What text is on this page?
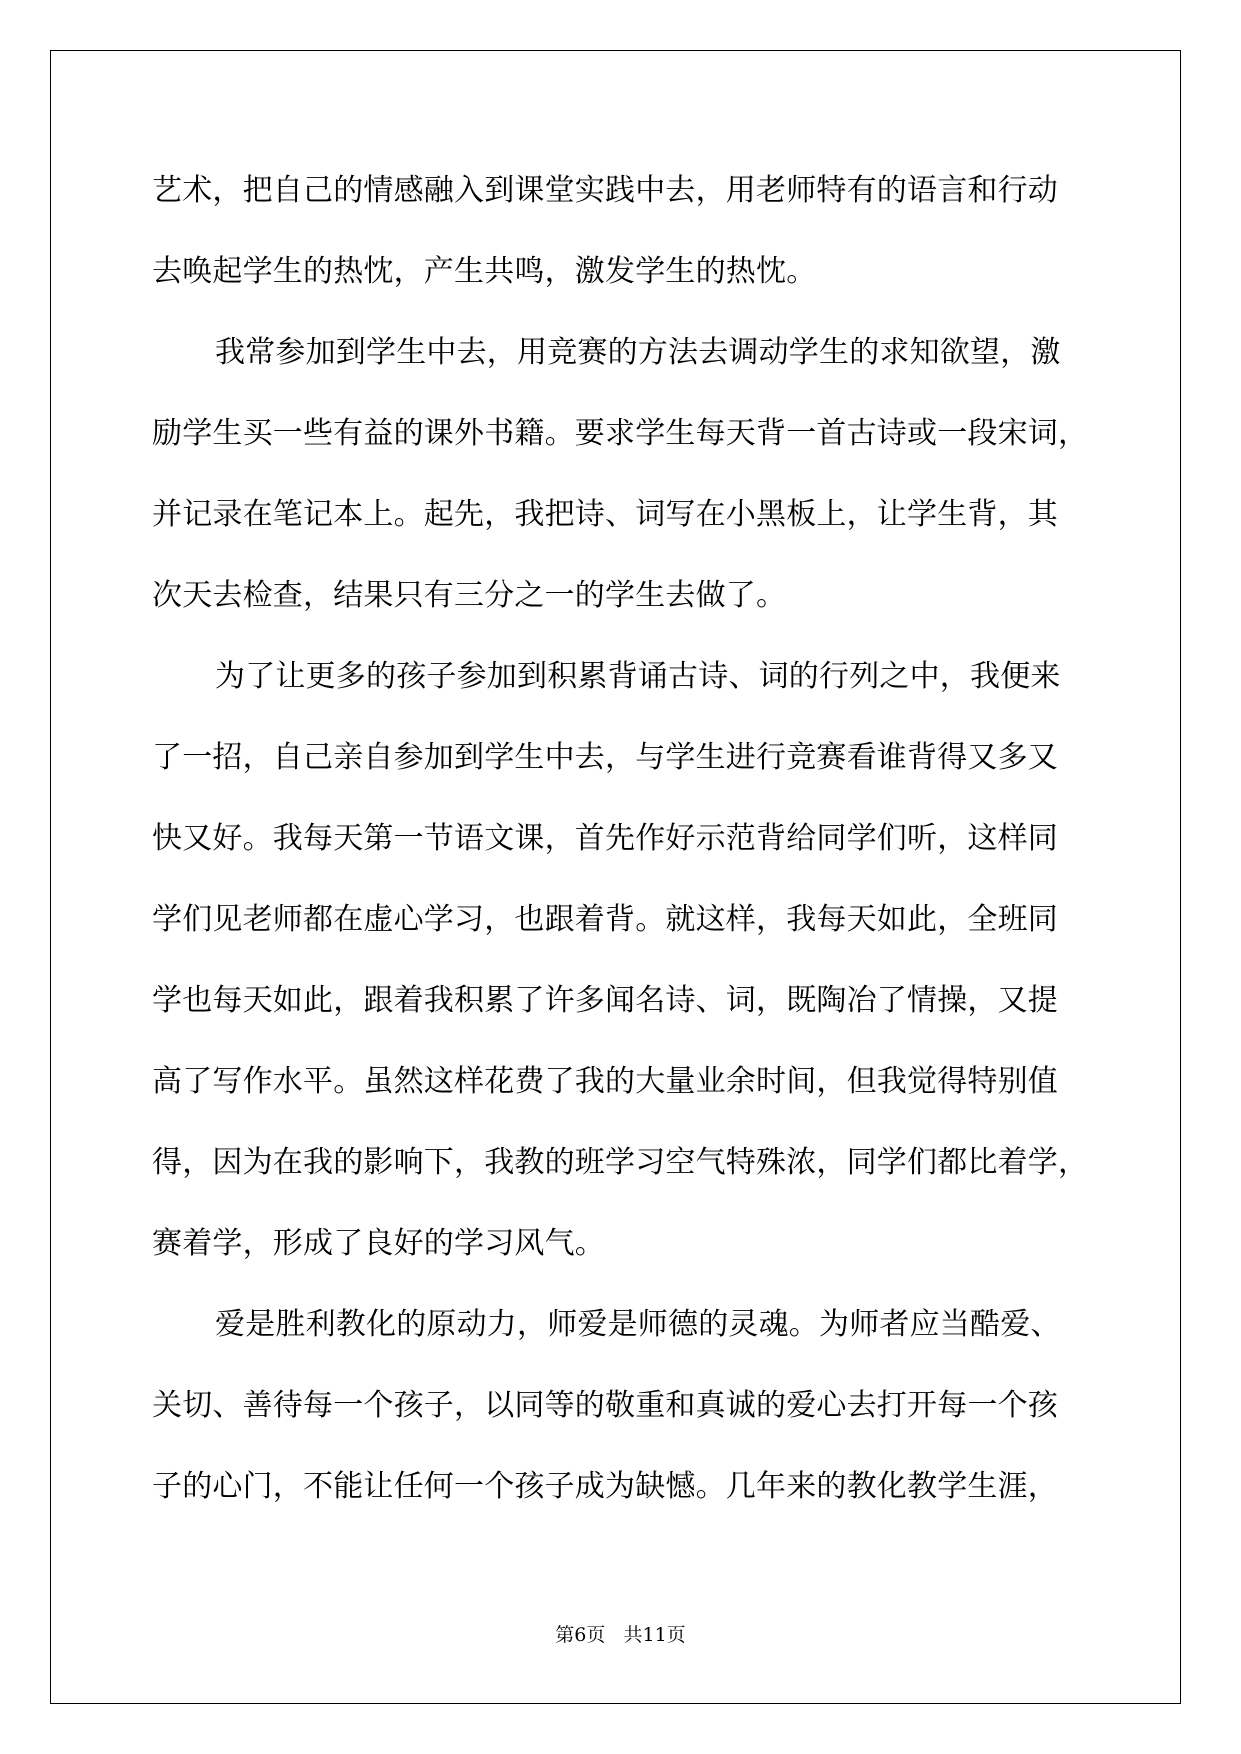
艺术，把自己的情感融入到课堂实践中去，用老师特有的语言和行动
去唤起学生的热忱，产生共鸣，激发学生的热忱。
我常参加到学生中去，用竞赛的方法去调动学生的求知欲望，激
励学生买一些有益的课外书籍。要求学生每天背一首古诗或一段宋词，
并记录在笔记本上。起先，我把诗、词写在小黑板上，让学生背，其
次天去检查，结果只有三分之一的学生去做了。
为了让更多的孩子参加到积累背诵古诗、词的行列之中，我便来
了一招，自己亲自参加到学生中去，与学生进行竞赛看谁背得又多又
快又好。我每天第一节语文课，首先作好示范背给同学们听，这样同
学们见老师都在虚心学习，也跟着背。就这样，我每天如此，全班同
学也每天如此，跟着我积累了许多闻名诗、词，既陶冶了情操，又提
高了写作水平。虽然这样花费了我的大量业余时间，但我觉得特别值
得，因为在我的影响下，我教的班学习空气特殊浓，同学们都比着学，
赛着学，形成了良好的学习风气。
爱是胜利教化的原动力，师爱是师德的灵魂。为师者应当酷爱、
关切、善待每一个孩子，以同等的敬重和真诚的爱心去打开每一个孩
子的心门，不能让任何一个孩子成为缺憾。几年来的教化教学生涯，
第6页   共11页
